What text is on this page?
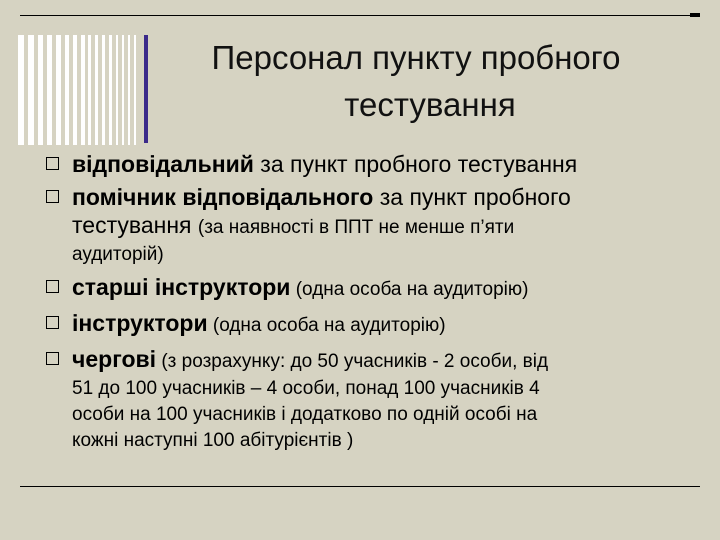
Персонал пункту пробного
тестування
відповідальний за пункт пробного тестування
помічник відповідального за пункт пробного
тестування (за наявності в ППТ не менше п’яти
аудиторій)
старші інструктори (одна особа на аудиторію)
інструктори (одна особа на аудиторію)
чергові (з розрахунку: до 50 учасників - 2 особи, від
51 до 100 учасників – 4 особи, понад 100 учасників 4
особи на 100 учасників і додатково по одній особі на
кожні наступні 100 абітурієнтів )
